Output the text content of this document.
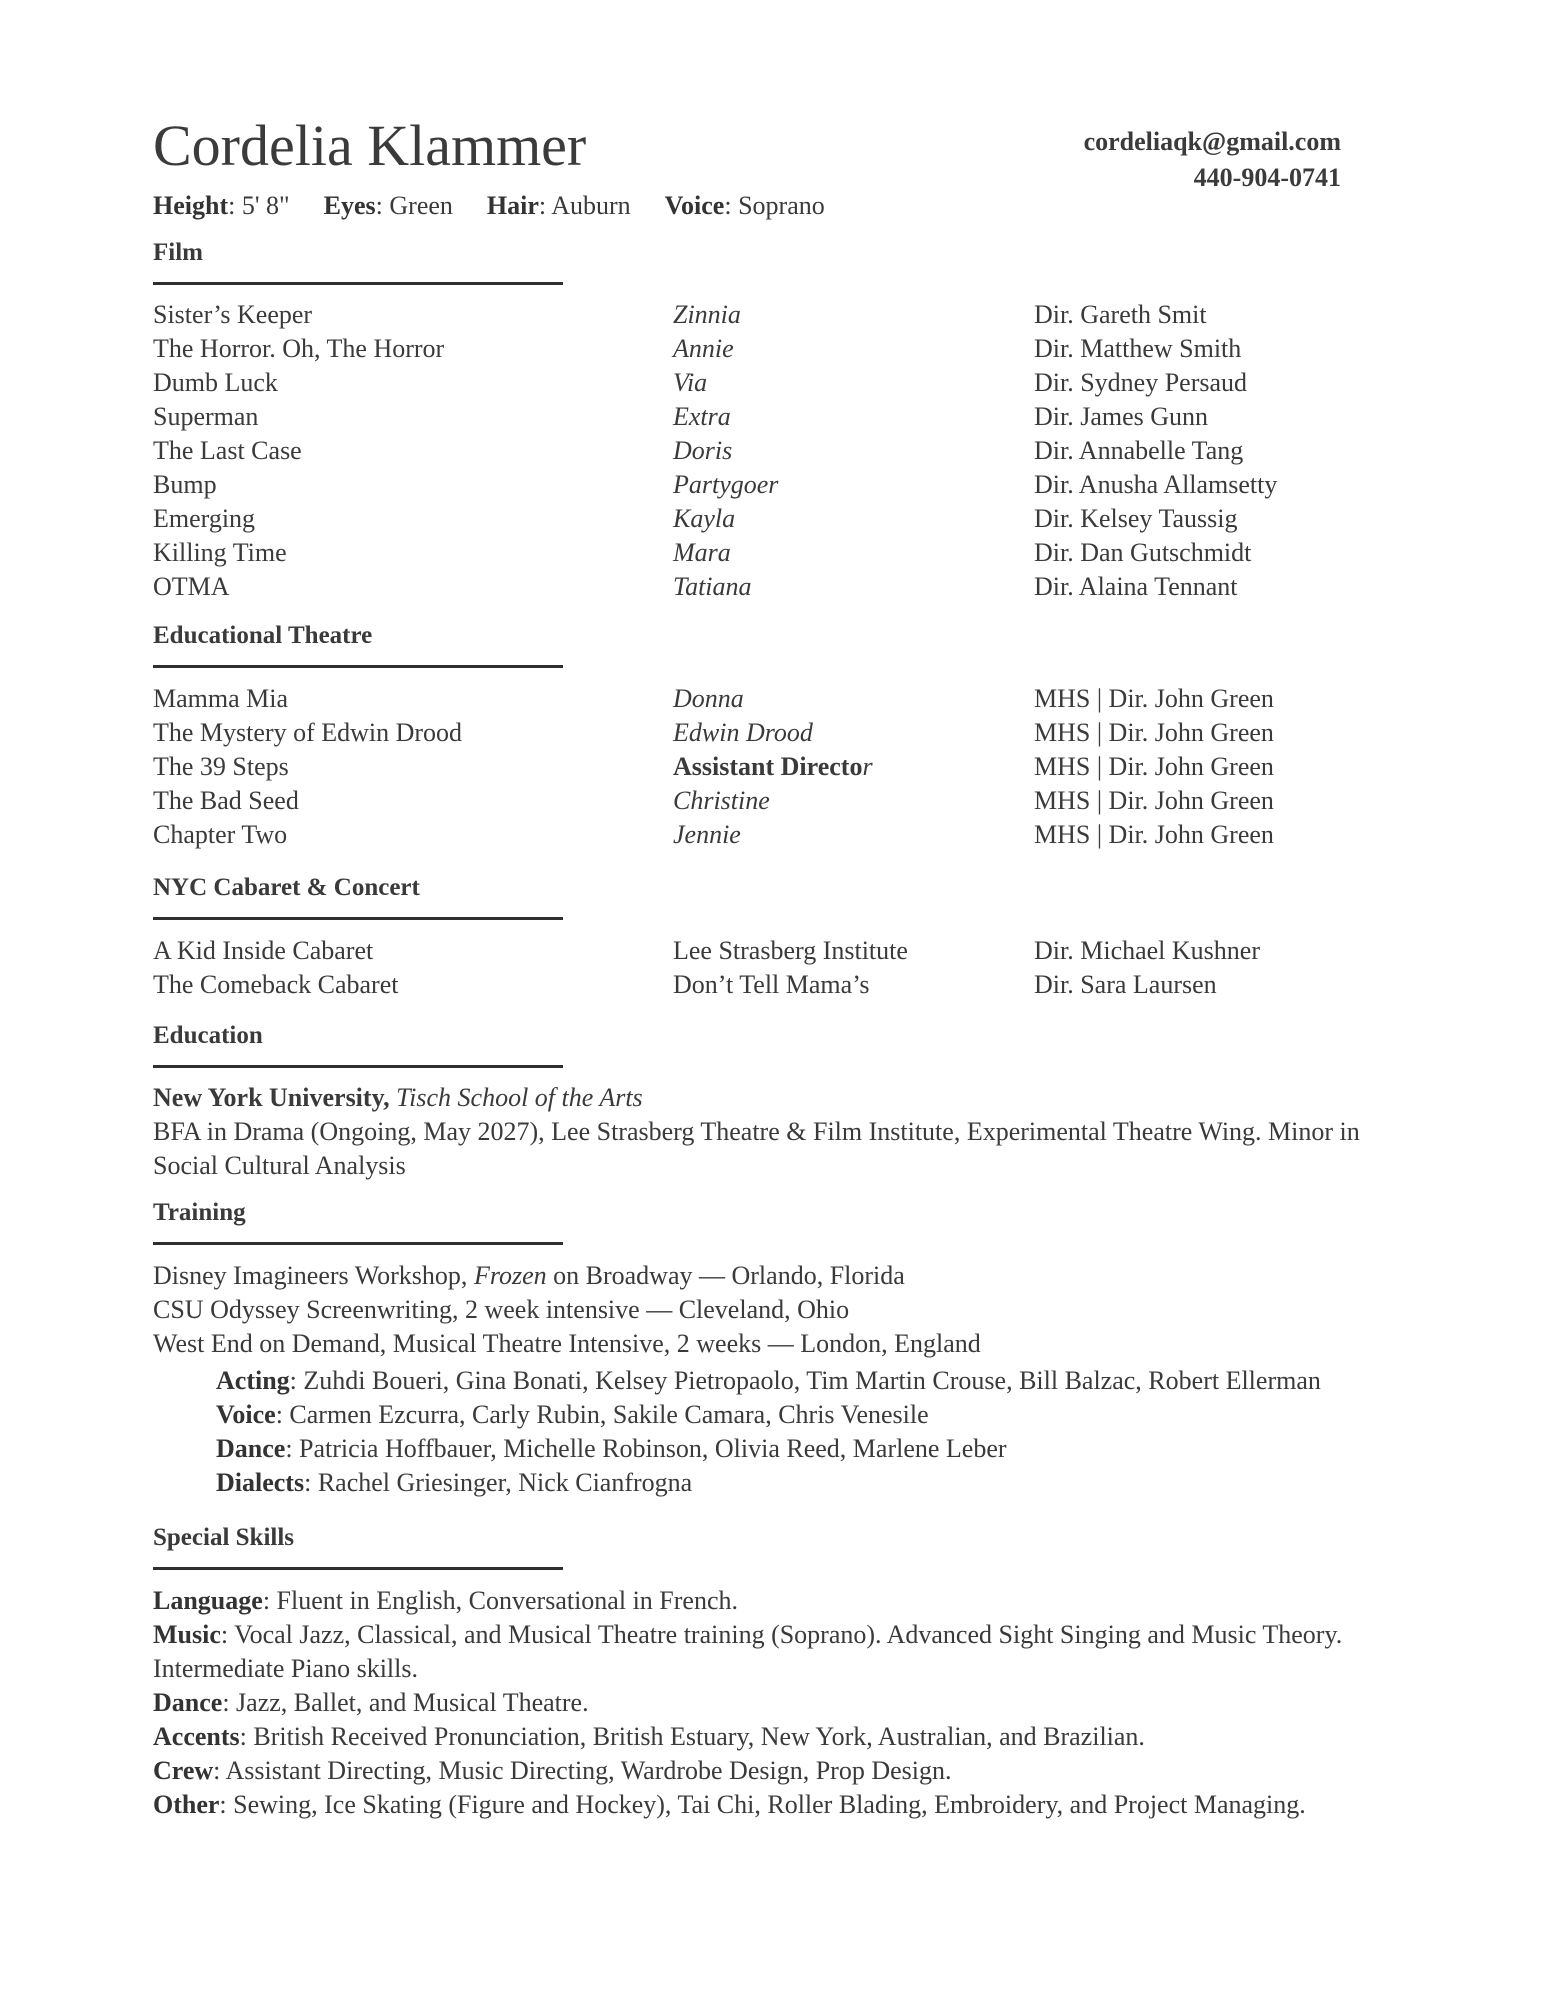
Cordelia Klammer	cordeliaqk@gmail.com
440-904-0741
Height: 5' 8" Eyes: Green Hair: Auburn Voice: Soprano
Film
Sister’s Keeper	Zinnia	Dir. Gareth Smit
The Horror. Oh, The Horror	Annie	Dir. Matthew Smith
Dumb Luck	Via	Dir. Sydney Persaud
Superman	Extra	Dir. James Gunn
The Last Case	Doris	Dir. Annabelle Tang
Bump	Partygoer	Dir. Anusha Allamsetty
Emerging	Kayla	Dir. Kelsey Taussig
Killing Time	Mara	Dir. Dan Gutschmidt
OTMA	Tatiana	Dir. Alaina Tennant
Educational Theatre
Mamma Mia	Donna	MHS | Dir. John Green
The Mystery of Edwin Drood	Edwin Drood	MHS | Dir. John Green
The 39 Steps	Assistant Director	MHS | Dir. John Green
The Bad Seed	Christine	MHS | Dir. John Green
Chapter Two	Jennie	MHS | Dir. John Green
NYC Cabaret & Concert
A Kid Inside Cabaret	Lee Strasberg Institute	Dir. Michael Kushner
The Comeback Cabaret	Don’t Tell Mama’s	Dir. Sara Laursen
Education
New York University, Tisch School of the Arts
BFA in Drama (Ongoing, May 2027), Lee Strasberg Theatre & Film Institute, Experimental Theatre Wing. Minor in Social Cultural Analysis
Training
Disney Imagineers Workshop, Frozen on Broadway — Orlando, Florida
CSU Odyssey Screenwriting, 2 week intensive — Cleveland, Ohio
West End on Demand, Musical Theatre Intensive, 2 weeks — London, England
Acting: Zuhdi Boueri, Gina Bonati, Kelsey Pietropaolo, Tim Martin Crouse, Bill Balzac, Robert Ellerman
Voice: Carmen Ezcurra, Carly Rubin, Sakile Camara, Chris Venesile
Dance: Patricia Hoffbauer, Michelle Robinson, Olivia Reed, Marlene Leber
Dialects: Rachel Griesinger, Nick Cianfrogna
Special Skills
Language: Fluent in English, Conversational in French.
Music: Vocal Jazz, Classical, and Musical Theatre training (Soprano). Advanced Sight Singing and Music Theory. Intermediate Piano skills.
Dance: Jazz, Ballet, and Musical Theatre.
Accents: British Received Pronunciation, British Estuary, New York, Australian, and Brazilian.
Crew: Assistant Directing, Music Directing, Wardrobe Design, Prop Design.
Other: Sewing, Ice Skating (Figure and Hockey), Tai Chi, Roller Blading, Embroidery, and Project Managing.
